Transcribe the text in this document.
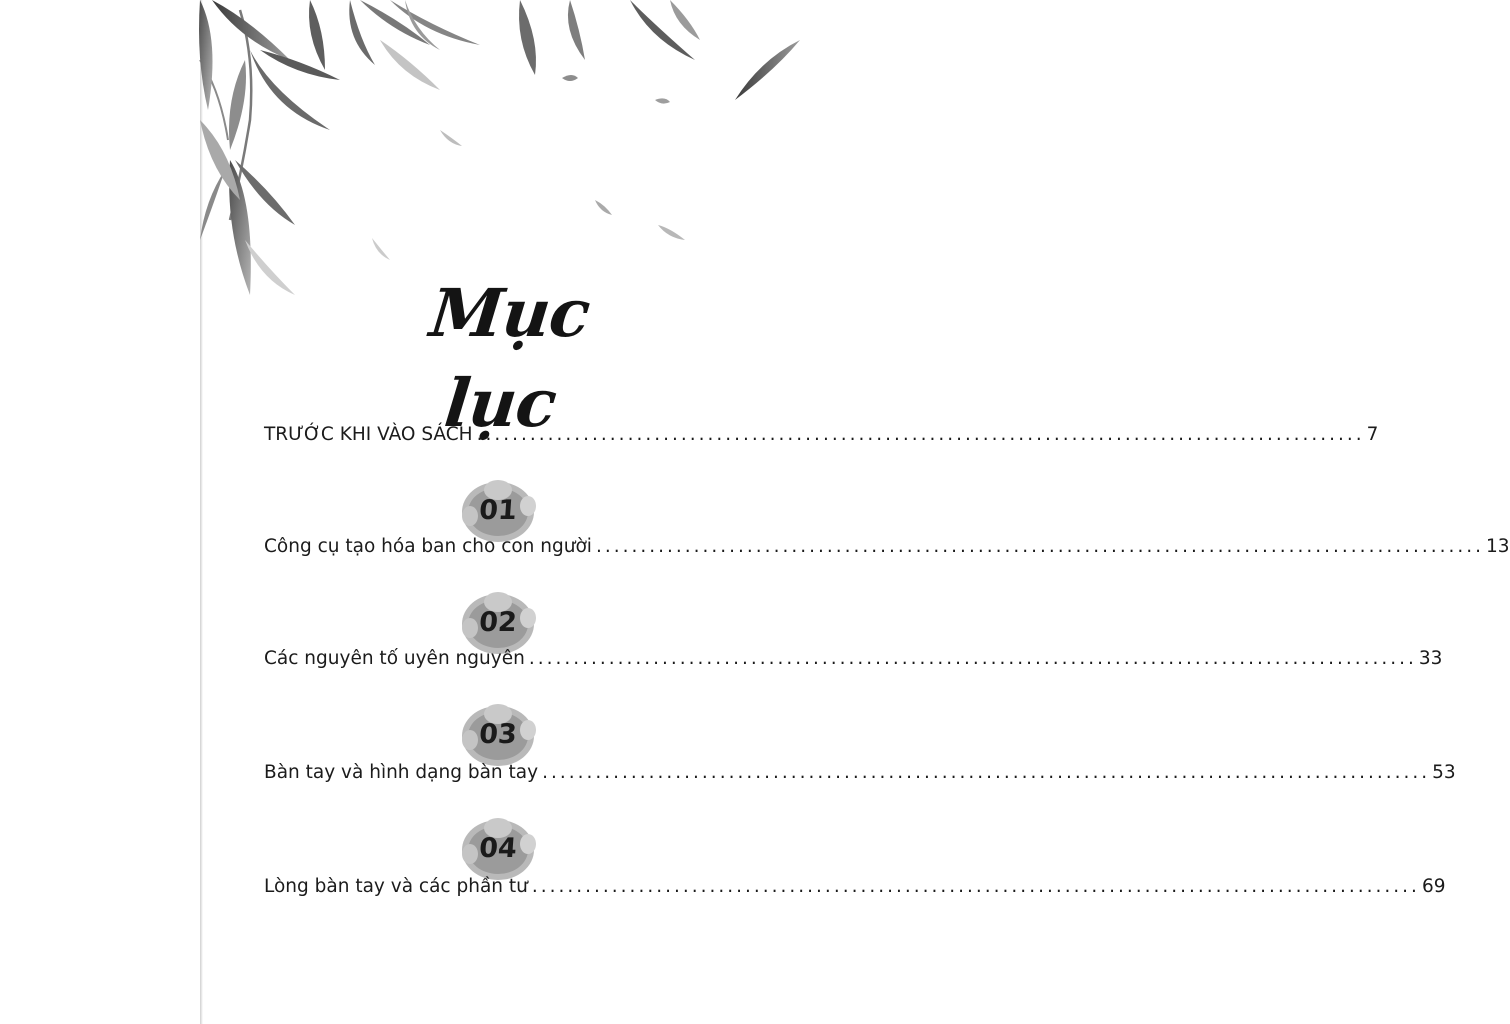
Mục lục
TRƯỚC KHI VÀO SÁCH .................................................................................................... 7
01
Công cụ tạo hóa ban cho con người .................................................................................................... 13
02
Các nguyên tố uyên nguyên .................................................................................................... 33
03
Bàn tay và hình dạng bàn tay .................................................................................................... 53
04
Lòng bàn tay và các phần tư .................................................................................................... 69
